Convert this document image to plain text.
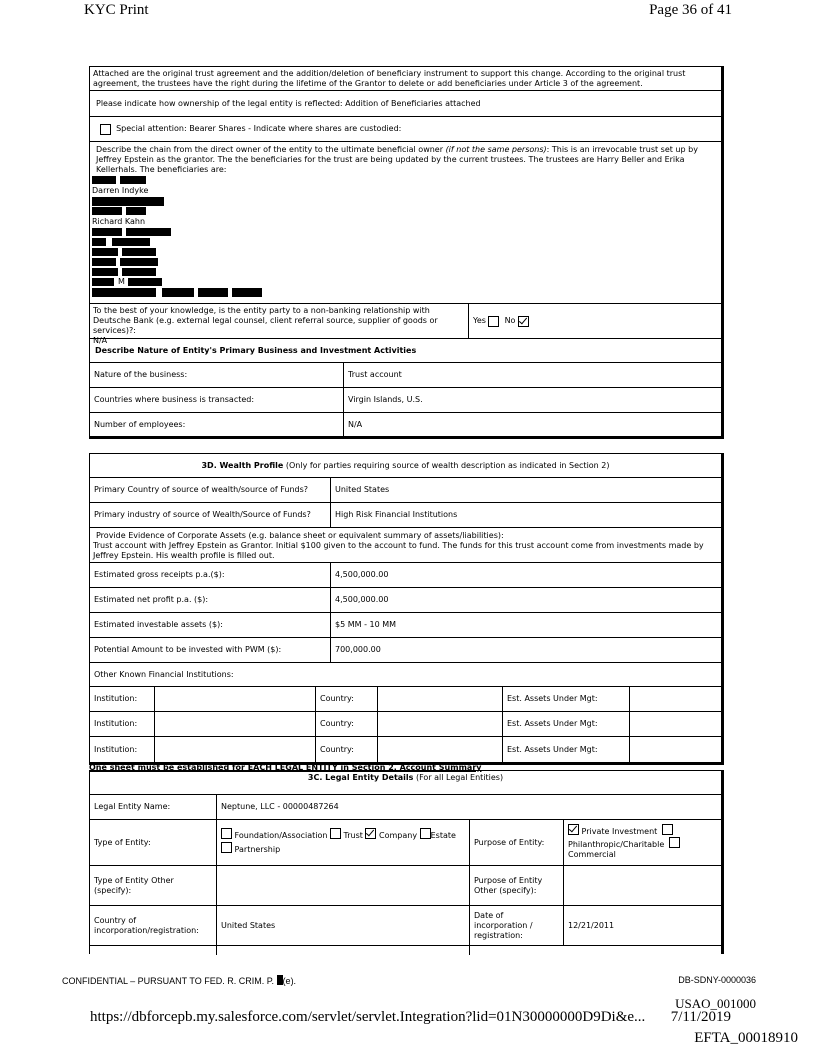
KYC Print	Page 36 of 41
Attached are the original trust agreement and the addition/deletion of beneficiary instrument to support this change. According to the original trust agreement, the trustees have the right during the lifetime of the Grantor to delete or add beneficiaries under Article 3 of the agreement.
Please indicate how ownership of the legal entity is reflected:
Addition of Beneficiaries attached

Special attention: Bearer Shares - Indicate where shares are custodied:
Describe the chain from the direct owner of the entity to the ultimate beneficial owner (if not the same persons): This is an irrevocable trust set up by Jeffrey Epstein as the grantor. The the beneficiaries for the trust are being updated by the current trustees. The trustees are Harry Beller and Erika Kellerhals. The beneficiaries are:
Darren Indyke
Richard Kahn
M
To the best of your knowledge, is the entity party to a non-banking relationship with Deutsche Bank (e.g. external legal counsel, client referral source, supplier of goods or services)?:
N/A
Yes

No

Describe Nature of Entity's Primary Business and Investment Activities
Nature of the business:	Trust account
Countries where business is transacted:	Virgin Islands, U.S.
Number of employees:	N/A
3D. Wealth Profile
(Only for parties requiring source of wealth description as indicated in Section 2)
Primary Country of source of wealth/source of Funds?	United States
Primary industry of source of Wealth/Source of Funds?	High Risk Financial Institutions
Provide Evidence of Corporate Assets (e.g. balance sheet or equivalent summary of assets/liabilities):
Trust account with Jeffrey Epstein as Grantor. Initial $100 given to the account to fund. The funds for this trust account come from investments made by Jeffrey Epstein. His wealth profile is filled out.
Estimated gross receipts p.a.($):	4,500,000.00
Estimated net profit p.a. ($):	4,500,000.00
Estimated investable assets ($):	$5 MM - 10 MM
Potential Amount to be invested with PWM ($):	700,000.00
Other Known Financial Institutions:
Institution:	Country:	Est. Assets Under Mgt:
Institution:	Country:	Est. Assets Under Mgt:
Institution:	Country:	Est. Assets Under Mgt:
One sheet must be established for EACH LEGAL ENTITY in Section 2. Account Summary
3C. Legal Entity Details
(For all Legal Entities)
Legal Entity Name:	Neptune, LLC - 00000487264
Type of Entity:
Foundation/Association Trust Company Estate
Partnership
Purpose of Entity:
Private Investment
Philanthropic/Charitable
Commercial
Type of Entity Other (specify):
Purpose of Entity Other (specify):
Country of incorporation/registration:
United States
Date of incorporation / registration:
12/21/2011
CONFIDENTIAL – PURSUANT TO FED. R. CRIM. P. (e).	DB-SDNY-0000036
USAO_001000
https://dbforcepb.my.salesforce.com/servlet/servlet.Integration?lid=01N30000000D9Di&e... 7/11/2019
EFTA_00018910
